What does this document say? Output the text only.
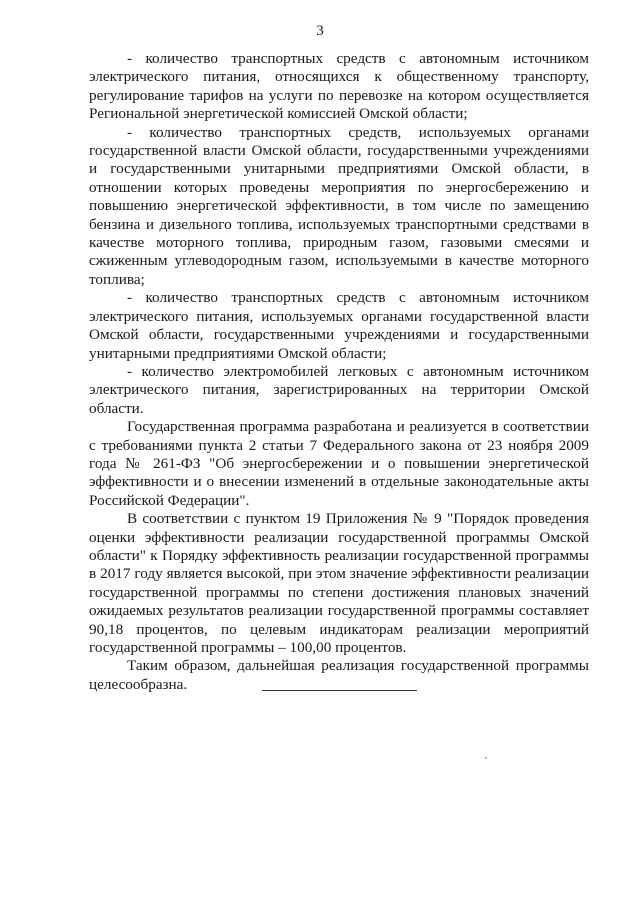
3

- количество транспортных средств с автономным источником электрического питания, относящихся к общественному транспорту, регулирование тарифов на услуги по перевозке на котором осуществляется Региональной энергетической комиссией Омской области;

- количество транспортных средств, используемых органами государственной власти Омской области, государственными учреждениями и государственными унитарными предприятиями Омской области, в отношении которых проведены мероприятия по энергосбережению и повышению энергетической эффективности, в том числе по замещению бензина и дизельного топлива, используемых транспортными средствами в качестве моторного топлива, природным газом, газовыми смесями и сжиженным углеводородным газом, используемыми в качестве моторного топлива;

- количество транспортных средств с автономным источником электрического питания, используемых органами государственной власти Омской области, государственными учреждениями и государственными унитарными предприятиями Омской области;

- количество электромобилей легковых с автономным источником электрического питания, зарегистрированных на территории Омской области.

Государственная программа разработана и реализуется в соответствии с требованиями пункта 2 статьи 7 Федерального закона от 23 ноября 2009 года № 261-ФЗ "Об энергосбережении и о повышении энергетической эффективности и о внесении изменений в отдельные законодательные акты Российской Федерации".

В соответствии с пунктом 19 Приложения № 9 "Порядок проведения оценки эффективности реализации государственной программы Омской области" к Порядку эффективность реализации государственной программы в 2017 году является высокой, при этом значение эффективности реализации государственной программы по степени достижения плановых значений ожидаемых результатов реализации государственной программы составляет 90,18 процентов, по целевым индикаторам реализации мероприятий государственной программы – 100,00 процентов.

Таким образом, дальнейшая реализация государственной программы целесообразна.
